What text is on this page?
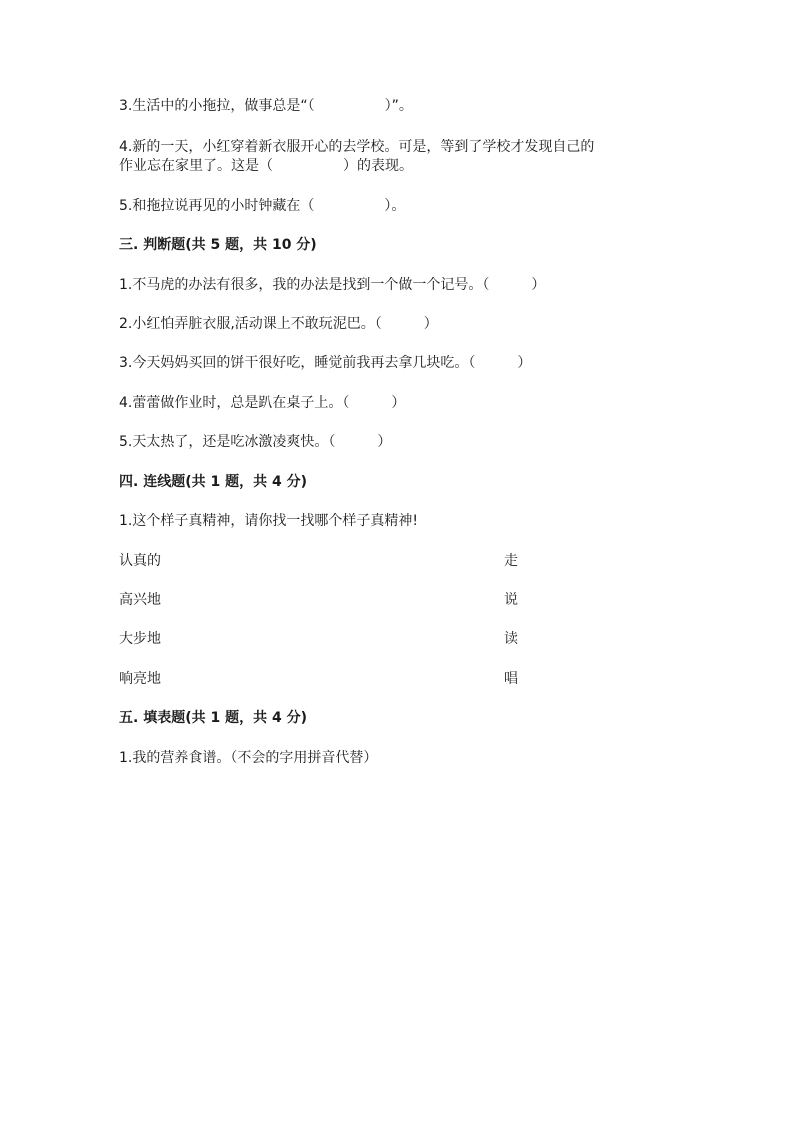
3.生活中的小拖拉，做事总是“（　　　　　）”。
4.新的一天，小红穿着新衣服开心的去学校。可是，等到了学校才发现自己的
作业忘在家里了。这是（　　　　　）的表现。
5.和拖拉说再见的小时钟藏在（　　　　　）。
三. 判断题(共 5 题，共 10 分)
1.不马虎的办法有很多，我的办法是找到一个做一个记号。（　　　）
2.小红怕弄脏衣服,活动课上不敢玩泥巴。（　　　）
3.今天妈妈买回的饼干很好吃，睡觉前我再去拿几块吃。（　　　）
4.蕾蕾做作业时，总是趴在桌子上。（　　　）
5.天太热了，还是吃冰激凌爽快。（　　　）
四. 连线题(共 1 题，共 4 分)
1.这个样子真精神，请你找一找哪个样子真精神!
认真的	走
高兴地	说
大步地	读
响亮地	唱
五. 填表题(共 1 题，共 4 分)
1.我的营养食谱。（不会的字用拼音代替）
